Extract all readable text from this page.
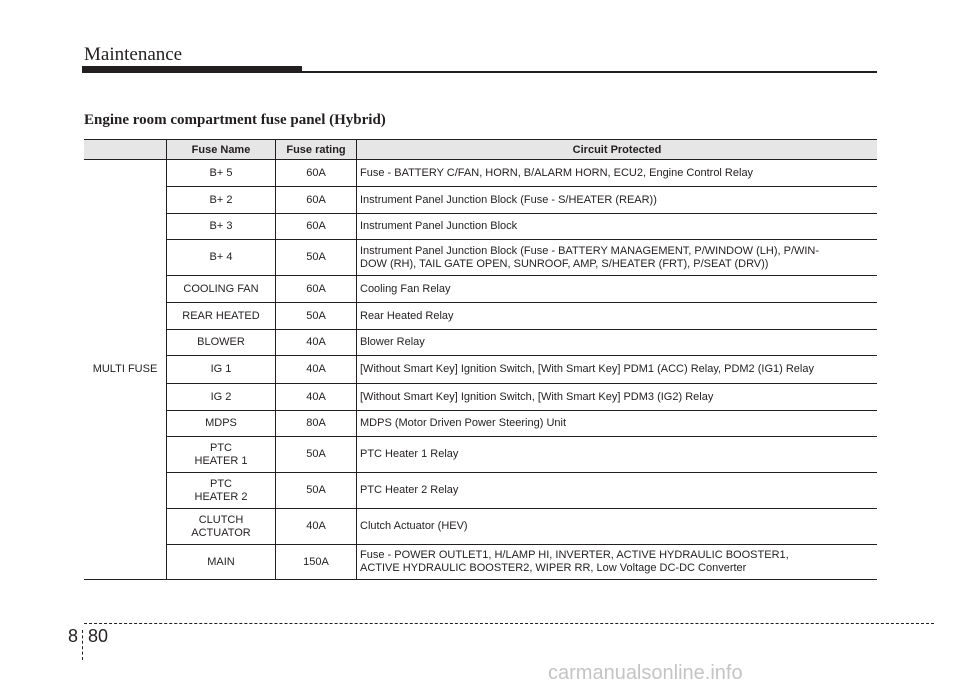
Maintenance
Engine room compartment fuse panel (Hybrid)
	Fuse Name	Fuse rating	Circuit Protected
MULTI FUSE	B+ 5	60A	Fuse - BATTERY C/FAN, HORN, B/ALARM HORN, ECU2, Engine Control Relay
	B+ 2	60A	Instrument Panel Junction Block (Fuse - S/HEATER (REAR))
	B+ 3	60A	Instrument Panel Junction Block
	B+ 4	50A	Instrument Panel Junction Block (Fuse - BATTERY MANAGEMENT, P/WINDOW (LH), P/WIN-
DOW (RH), TAIL GATE OPEN, SUNROOF, AMP, S/HEATER (FRT), P/SEAT (DRV))
	COOLING FAN	60A	Cooling Fan Relay
	REAR HEATED	50A	Rear Heated Relay
	BLOWER	40A	Blower Relay
	IG 1	40A	[Without Smart Key] Ignition Switch, [With Smart Key] PDM1 (ACC) Relay, PDM2 (IG1) Relay
	IG 2	40A	[Without Smart Key] Ignition Switch, [With Smart Key] PDM3 (IG2) Relay
	MDPS	80A	MDPS (Motor Driven Power Steering) Unit
	PTC
HEATER 1	50A	PTC Heater 1 Relay
	PTC
HEATER 2	50A	PTC Heater 2 Relay
	CLUTCH
ACTUATOR	40A	Clutch Actuator (HEV)
	MAIN	150A	Fuse - POWER OUTLET1, H/LAMP HI, INVERTER, ACTIVE HYDRAULIC BOOSTER1,
ACTIVE HYDRAULIC BOOSTER2, WIPER RR, Low Voltage DC-DC Converter
8 80
carmanualsonline.info
